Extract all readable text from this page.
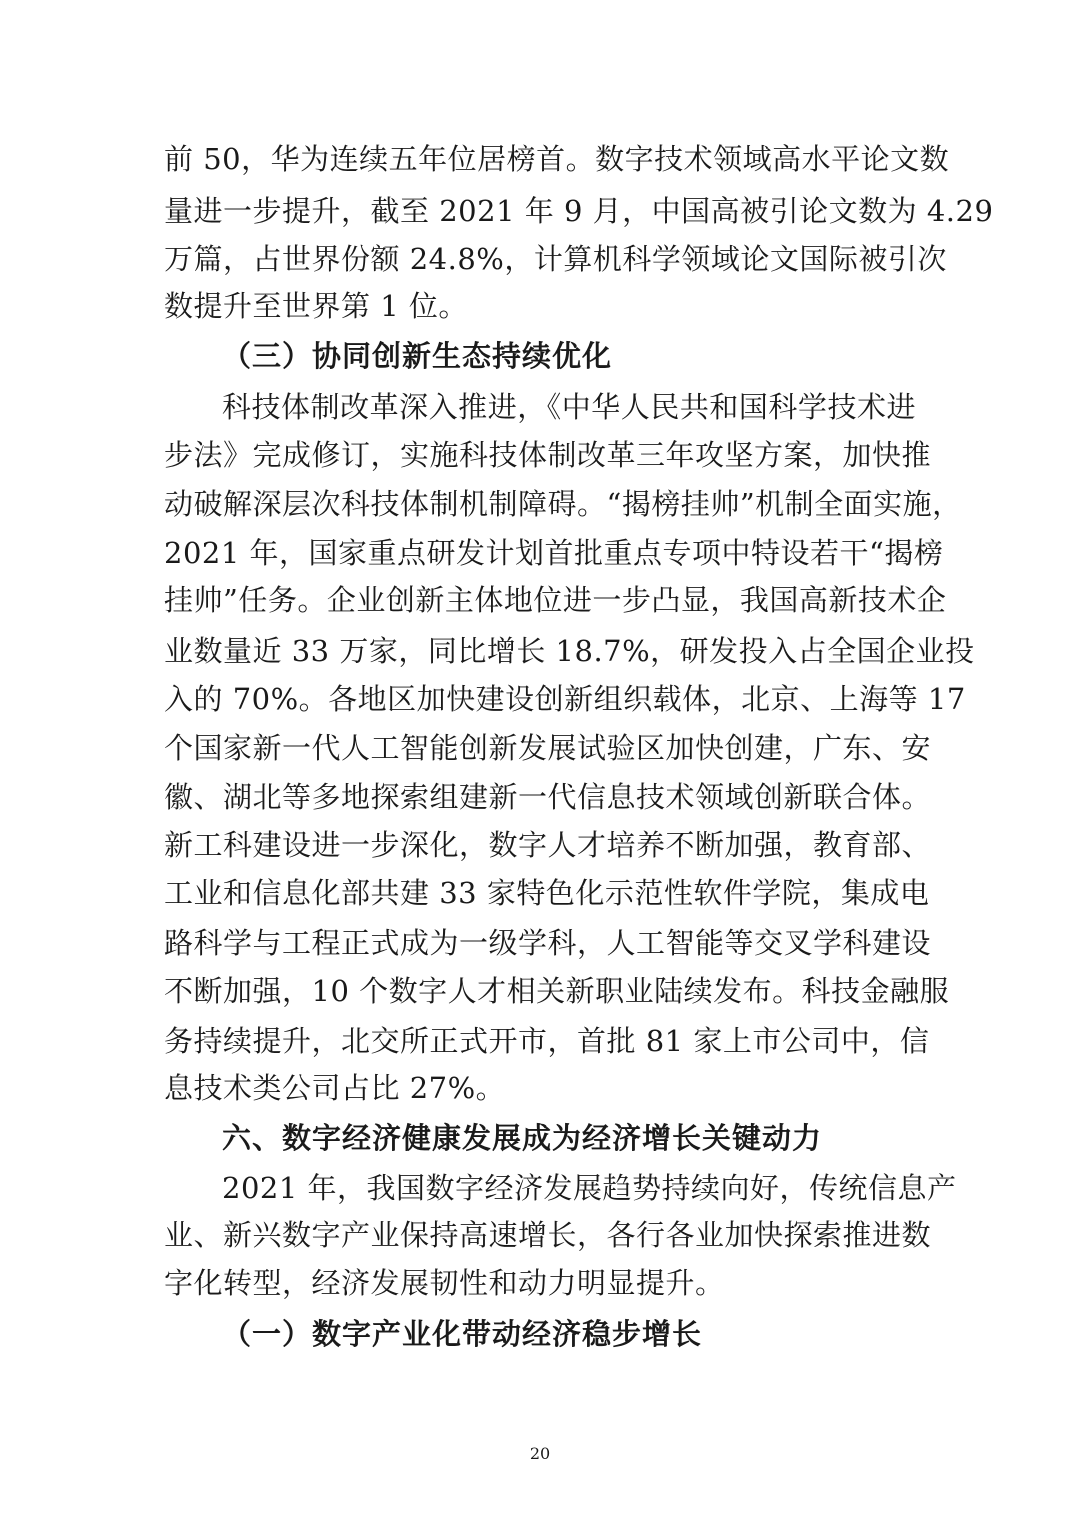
前 50，华为连续五年位居榜首。数字技术领域高水平论文数
量进一步提升，截至 2021 年 9 月，中国高被引论文数为 4.29
万篇，占世界份额 24.8%，计算机科学领域论文国际被引次
数提升至世界第 1 位。
（三）协同创新生态持续优化
科技体制改革深入推进，《中华人民共和国科学技术进
步法》完成修订，实施科技体制改革三年攻坚方案，加快推
动破解深层次科技体制机制障碍。“揭榜挂帅”机制全面实施，
2021 年，国家重点研发计划首批重点专项中特设若干“揭榜
挂帅”任务。企业创新主体地位进一步凸显，我国高新技术企
业数量近 33 万家，同比增长 18.7%，研发投入占全国企业投
入的 70%。各地区加快建设创新组织载体，北京、上海等 17
个国家新一代人工智能创新发展试验区加快创建，广东、安
徽、湖北等多地探索组建新一代信息技术领域创新联合体。
新工科建设进一步深化，数字人才培养不断加强，教育部、
工业和信息化部共建 33 家特色化示范性软件学院，集成电
路科学与工程正式成为一级学科，人工智能等交叉学科建设
不断加强，10 个数字人才相关新职业陆续发布。科技金融服
务持续提升，北交所正式开市，首批 81 家上市公司中，信
息技术类公司占比 27%。
六、数字经济健康发展成为经济增长关键动力
2021 年，我国数字经济发展趋势持续向好，传统信息产
业、新兴数字产业保持高速增长，各行各业加快探索推进数
字化转型，经济发展韧性和动力明显提升。
（一）数字产业化带动经济稳步增长
20
